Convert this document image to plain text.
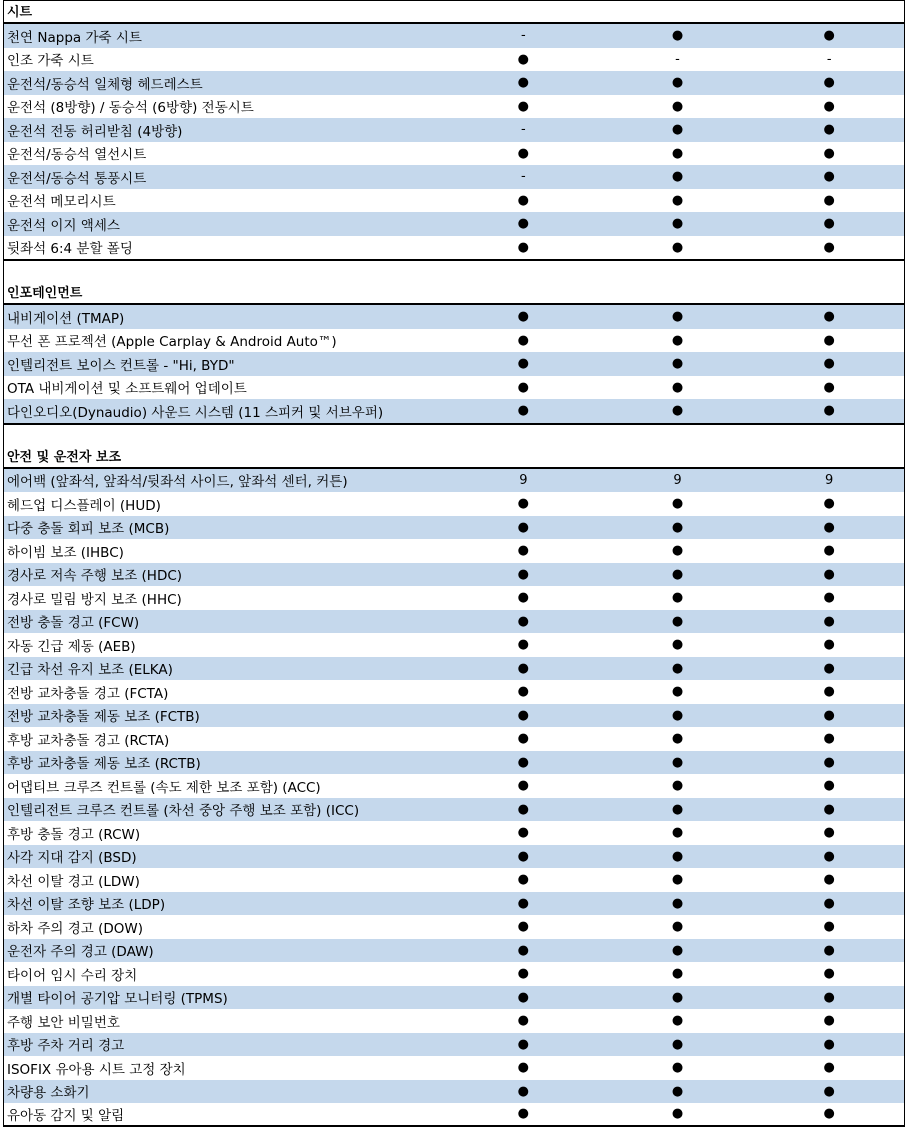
시트
천연 Nappa 가죽 시트	-	●	●
인조 가죽 시트	●	-	-
운전석/동승석 일체형 헤드레스트	●	●	●
운전석 (8방향) / 동승석 (6방향) 전동시트	●	●	●
운전석 전동 허리받침 (4방향)	-	●	●
운전석/동승석 열선시트	●	●	●
운전석/동승석 통풍시트	-	●	●
운전석 메모리시트	●	●	●
운전석 이지 액세스	●	●	●
뒷좌석 6:4 분할 폴딩	●	●	●
인포테인먼트
내비게이션 (TMAP)	●	●	●
무선 폰 프로젝션 (Apple Carplay & Android Auto™)	●	●	●
인텔리전트 보이스 컨트롤 - "Hi, BYD"	●	●	●
OTA 내비게이션 및 소프트웨어 업데이트	●	●	●
다인오디오(Dynaudio) 사운드 시스템 (11 스피커 및 서브우퍼)	●	●	●
안전 및 운전자 보조
에어백 (앞좌석, 앞좌석/뒷좌석 사이드, 앞좌석 센터, 커튼)	9	9	9
헤드업 디스플레이 (HUD)	●	●	●
다중 충돌 회피 보조 (MCB)	●	●	●
하이빔 보조 (IHBC)	●	●	●
경사로 저속 주행 보조 (HDC)	●	●	●
경사로 밀림 방지 보조 (HHC)	●	●	●
전방 충돌 경고 (FCW)	●	●	●
자동 긴급 제동 (AEB)	●	●	●
긴급 차선 유지 보조 (ELKA)	●	●	●
전방 교차충돌 경고 (FCTA)	●	●	●
전방 교차충돌 제동 보조 (FCTB)	●	●	●
후방 교차충돌 경고 (RCTA)	●	●	●
후방 교차충돌 제동 보조 (RCTB)	●	●	●
어댑티브 크루즈 컨트롤 (속도 제한 보조 포함) (ACC)	●	●	●
인텔리전트 크루즈 컨트롤 (차선 중앙 주행 보조 포함) (ICC)	●	●	●
후방 충돌 경고 (RCW)	●	●	●
사각 지대 감지 (BSD)	●	●	●
차선 이탈 경고 (LDW)	●	●	●
차선 이탈 조향 보조 (LDP)	●	●	●
하차 주의 경고 (DOW)	●	●	●
운전자 주의 경고 (DAW)	●	●	●
타이어 임시 수리 장치	●	●	●
개별 타이어 공기압 모니터링 (TPMS)	●	●	●
주행 보안 비밀번호	●	●	●
후방 주차 거리 경고	●	●	●
ISOFIX 유아용 시트 고정 장치	●	●	●
차량용 소화기	●	●	●
유아동 감지 및 알림	●	●	●
